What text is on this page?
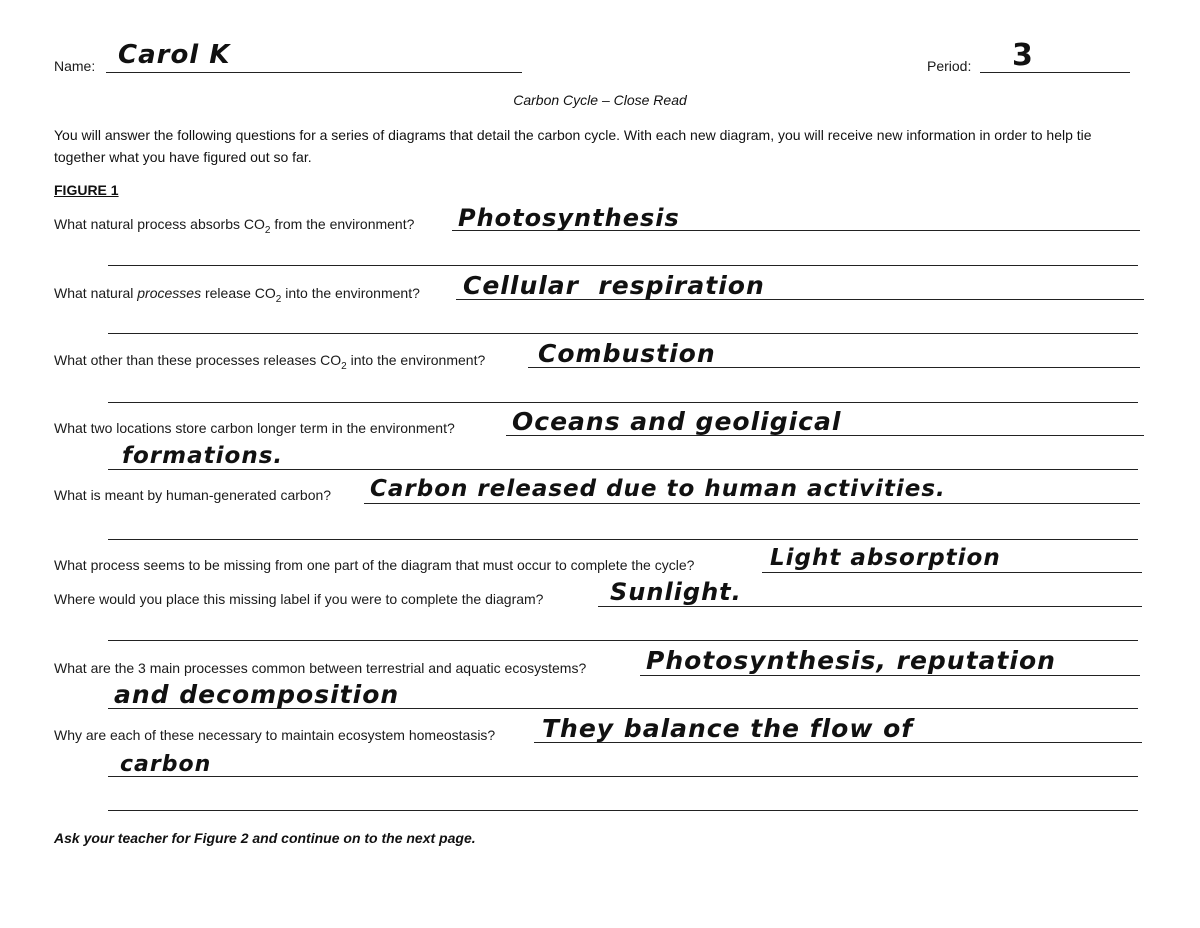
Name: Carol K	Period: 3
Carbon Cycle – Close Read
You will answer the following questions for a series of diagrams that detail the carbon cycle. With each new diagram, you will receive new information in order to help tie together what you have figured out so far.
FIGURE 1
What natural process absorbs $CO_2$ from the environment? Photosynthesis
What natural processes release $CO_2$ into the environment? Cellular  respiration
What other than these processes releases $CO_2$ into the environment? Combustion
What two locations store carbon longer term in the environment? Oceans and geoligical
formations.
What is meant by human-generated carbon? Carbon released due to human activities.
What process seems to be missing from one part of the diagram that must occur to complete the cycle?	Light absorption
Where would you place this missing label if you were to complete the diagram?	Sunlight.
What are the 3 main processes common between terrestrial and aquatic ecosystems? Photosynthesis, reputation
and decomposition
Why are each of these necessary to maintain ecosystem homeostasis? They balance the flow of
carbon
Ask your teacher for Figure 2 and continue on to the next page.
